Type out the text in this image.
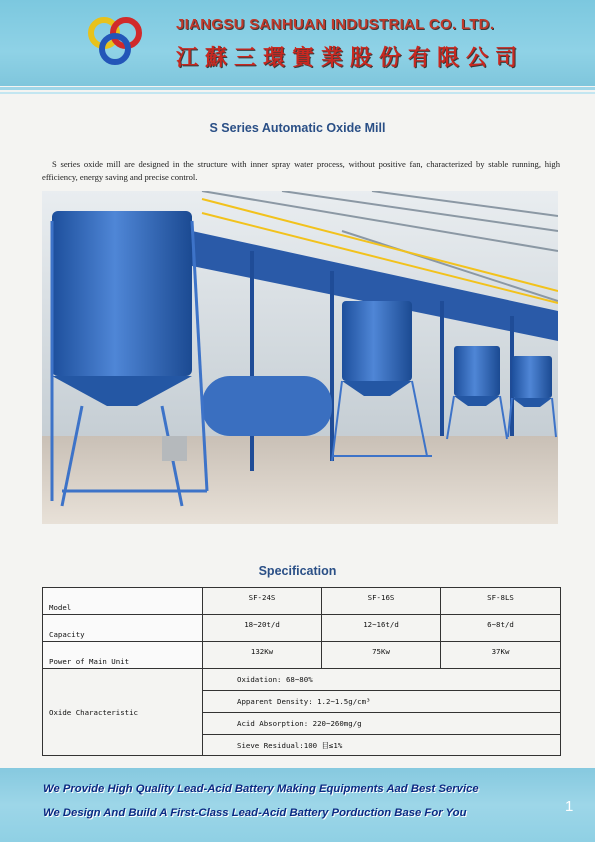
JIANGSU SANHUAN INDUSTRIAL CO. LTD.
江蘇三環實業股份有限公司
S Series Automatic Oxide Mill

S series oxide mill are designed in the structure with inner spray water process, without positive fan, characterized by stable running, high efficiency, energy saving and precise control.

Specification
Model	SF-24S	SF-16S	SF-8LS
Capacity	18~20t/d	12~16t/d	6~8t/d
Power of Main Unit	132Kw	75Kw	37Kw
Oxide Characteristic	Oxidation: 68~80%		
	Apparent Density: 1.2~1.5g/cm³		
	Acid Absorption: 220~260mg/g		
	Sieve Residual:100 目≤1%		
We Provide High Quality Lead-Acid Battery Making Equipments Aad Best Service
We Design And Build A First-Class Lead-Acid Battery Porduction Base For You	1
